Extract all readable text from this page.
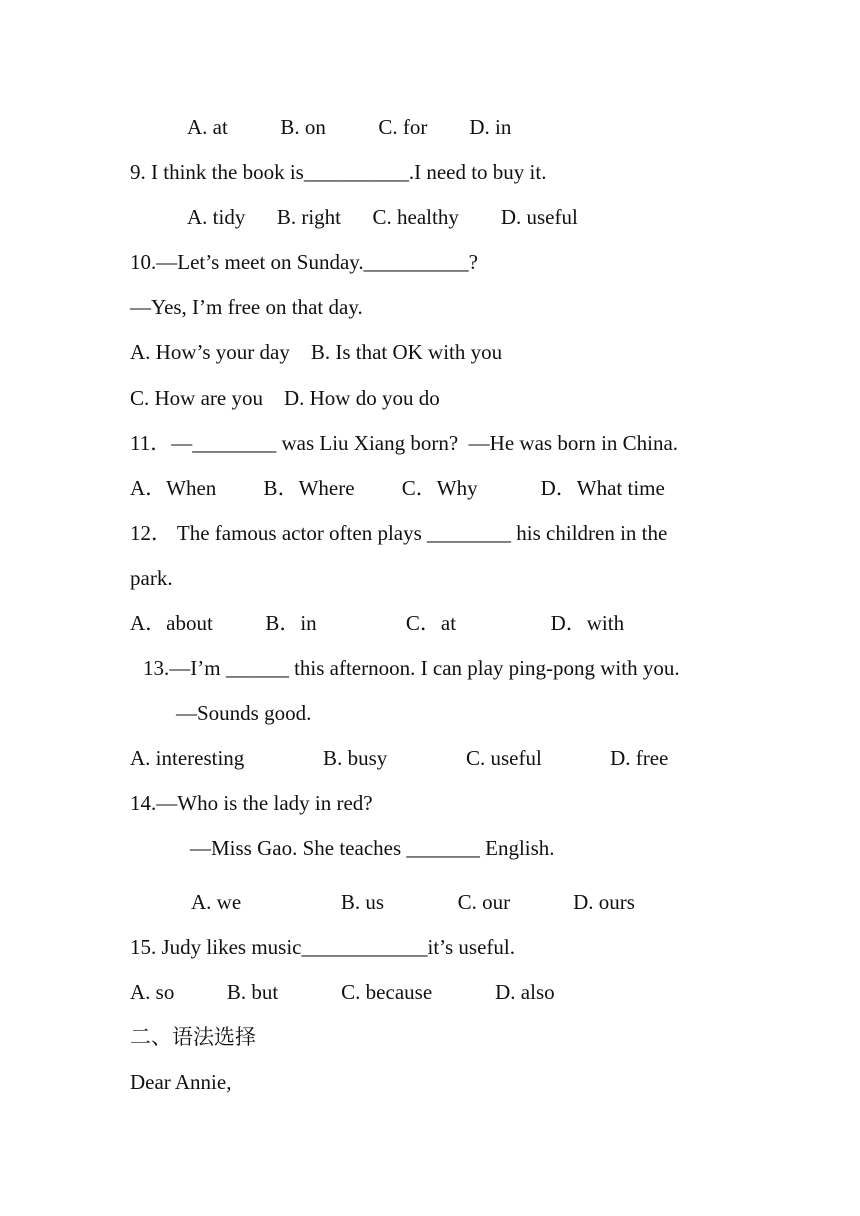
A. at          B. on          C. for        D. in
9. I think the book is__________.I need to buy it.
A. tidy      B. right      C. healthy        D. useful
10.—Let’s meet on Sunday.__________?
—Yes, I’m free on that day.
A. How’s your day    B. Is that OK with you
C. How are you    D. How do you do
11．—________ was Liu Xiang born?  —He was born in China.
A．When         B．Where         C．Why            D．What time
12． The famous actor often plays ________ his children in the
park.
A．about          B．in                 C．at                  D．with
13.—I’m ______ this afternoon. I can play ping-pong with you.
—Sounds good.
A. interesting               B. busy               C. useful             D. free
14.—Who is the lady in red?
—Miss Gao. She teaches _______ English.
A. we                   B. us              C. our            D. ours
15. Judy likes music____________it’s useful.
A. so          B. but            C. because            D. also
二、语法选择
Dear Annie,
